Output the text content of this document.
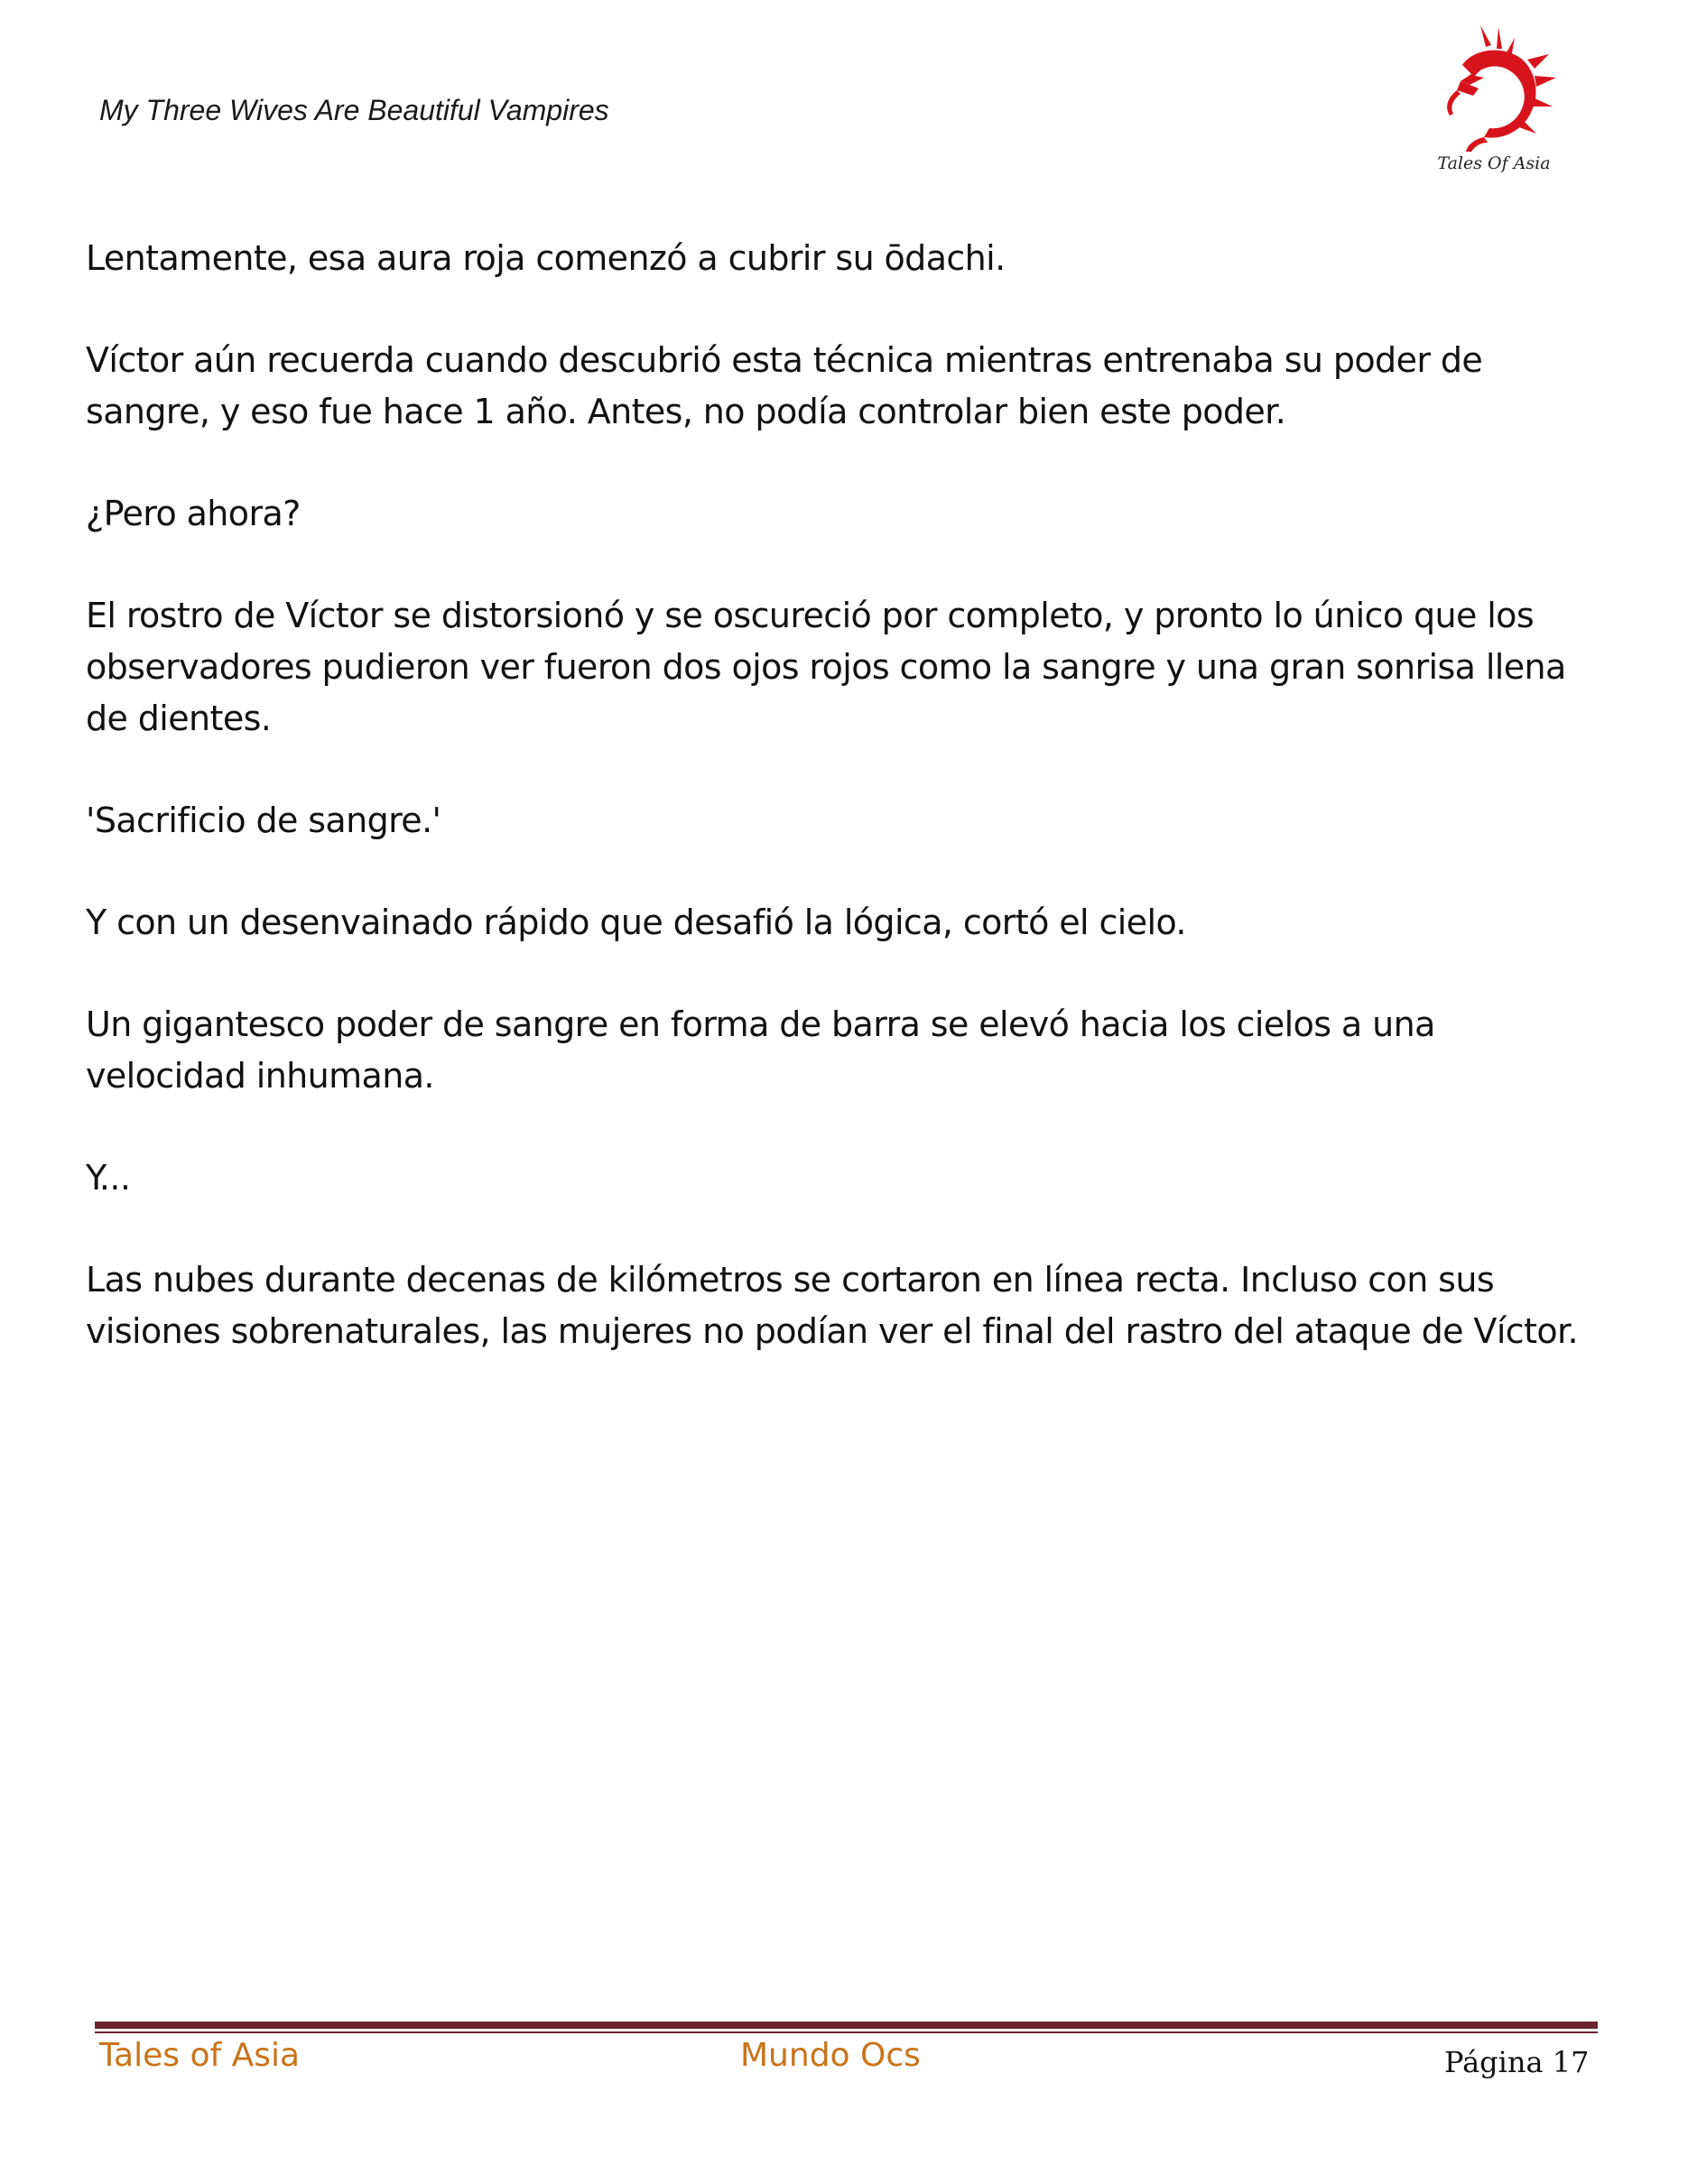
My Three Wives Are Beautiful Vampires
Tales Of Asia

Lentamente, esa aura roja comenzó a cubrir su ōdachi.

Víctor aún recuerda cuando descubrió esta técnica mientras entrenaba su poder de
sangre, y eso fue hace 1 año. Antes, no podía controlar bien este poder.

¿Pero ahora?

El rostro de Víctor se distorsionó y se oscureció por completo, y pronto lo único que los
observadores pudieron ver fueron dos ojos rojos como la sangre y una gran sonrisa llena
de dientes.

'Sacrificio de sangre.'

Y con un desenvainado rápido que desafió la lógica, cortó el cielo.

Un gigantesco poder de sangre en forma de barra se elevó hacia los cielos a una
velocidad inhumana.

Y...

Las nubes durante decenas de kilómetros se cortaron en línea recta. Incluso con sus
visiones sobrenaturales, las mujeres no podían ver el final del rastro del ataque de Víctor.

Tales of Asia	Mundo Ocs	Página 17
